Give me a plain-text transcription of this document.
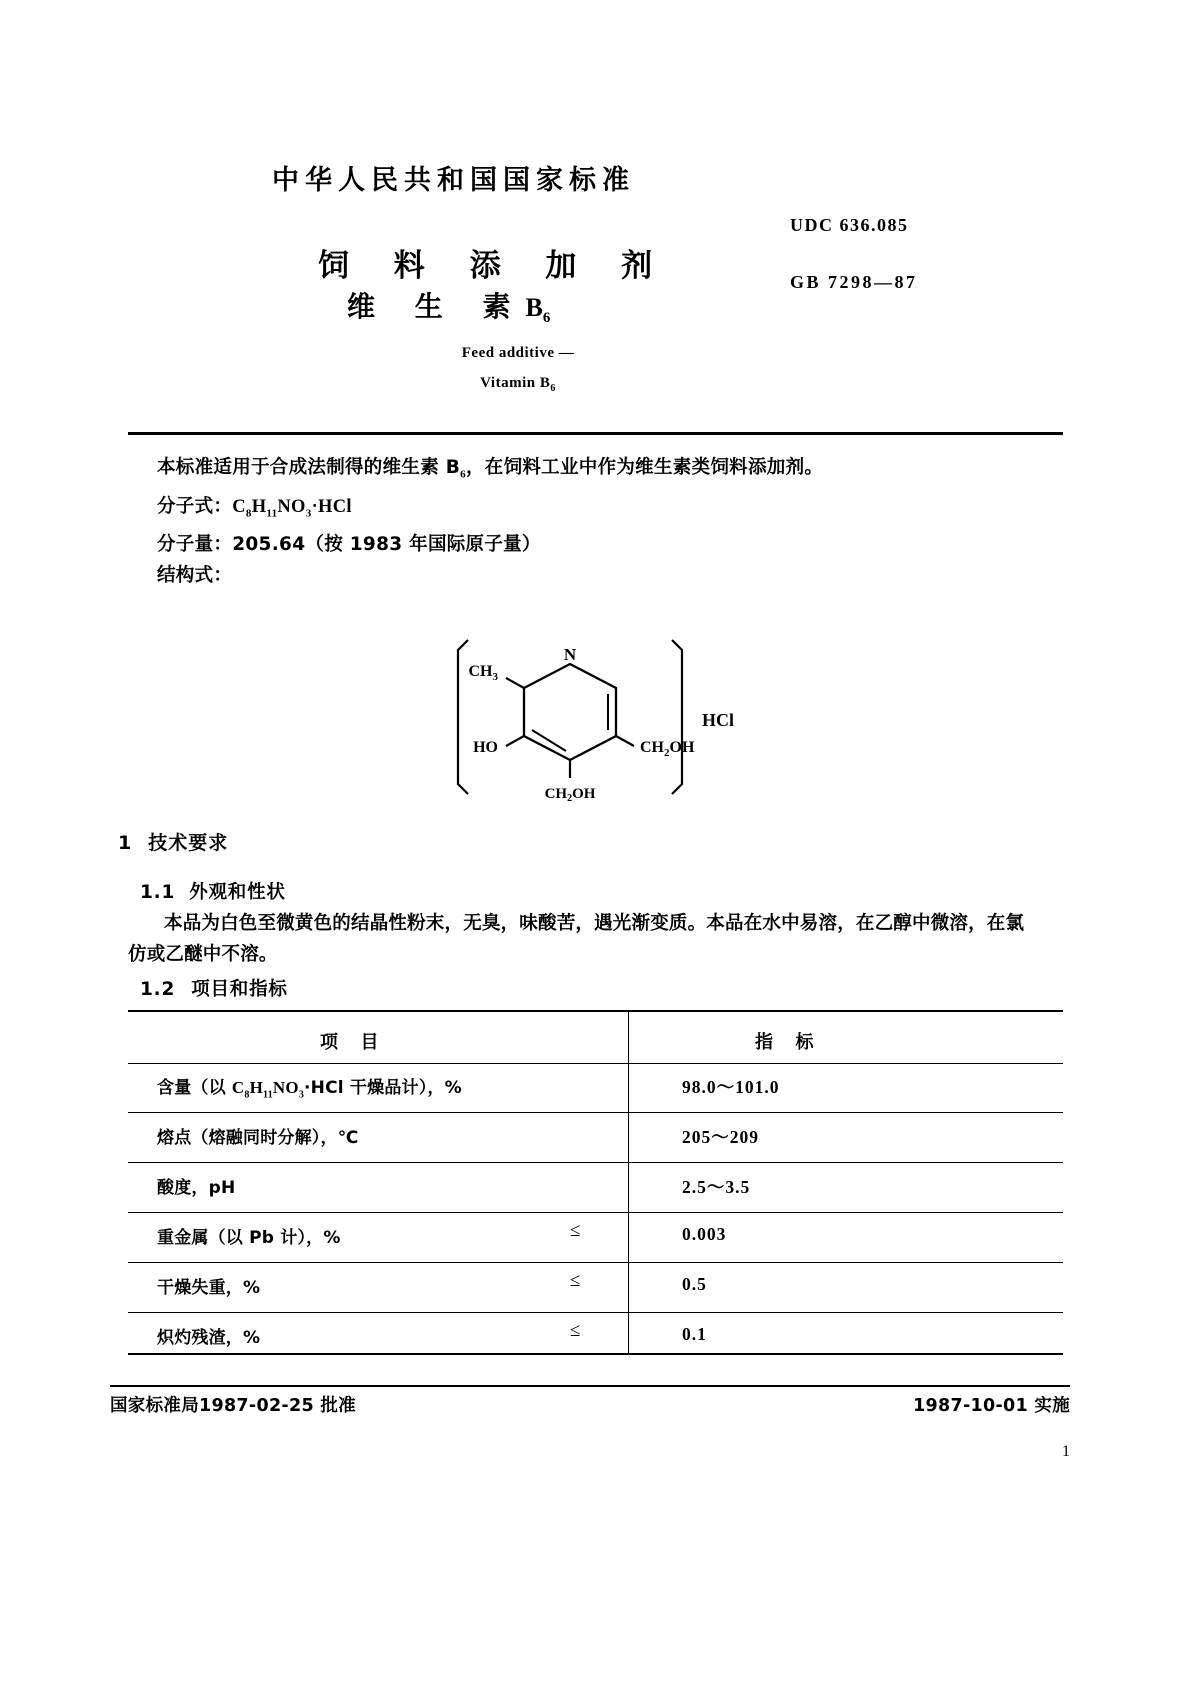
中华人民共和国国家标准
饲 料 添 加 剂
维 生 素$B_6$
Feed additive —
Vitamin $B_6$
UDC 636.085
GB 7298—87
本标准适用于合成法制得的维生素 $B_6$，在饲料工业中作为维生素类饲料添加剂。
分子式：$C_8H_{11}NO_3\cdot HCl$
分子量：205.64（按 1983 年国际原子量）
结构式：
N
$CH_3$
HO	$CH_2OH$
$CH_2OH$
HCl
1 技术要求
1.1 外观和性状
本品为白色至微黄色的结晶性粉末，无臭，味酸苦，遇光渐变质。本品在水中易溶，在乙醇中微溶，在氯仿或乙醚中不溶。
1.2 项目和指标
项 目	指 标
含量（以 $C_8H_{11}NO_3\cdot HCl$ 干燥品计），%	98.0～101.0
熔点（熔融同时分解），℃	205～209
酸度，pH	2.5～3.5
重金属（以 Pb 计），%	≤	0.003
干燥失重，%	≤	0.5
炽灼残渣，%	≤	0.1
国家标准局1987-02-25 批准	1987-10-01 实施
1
